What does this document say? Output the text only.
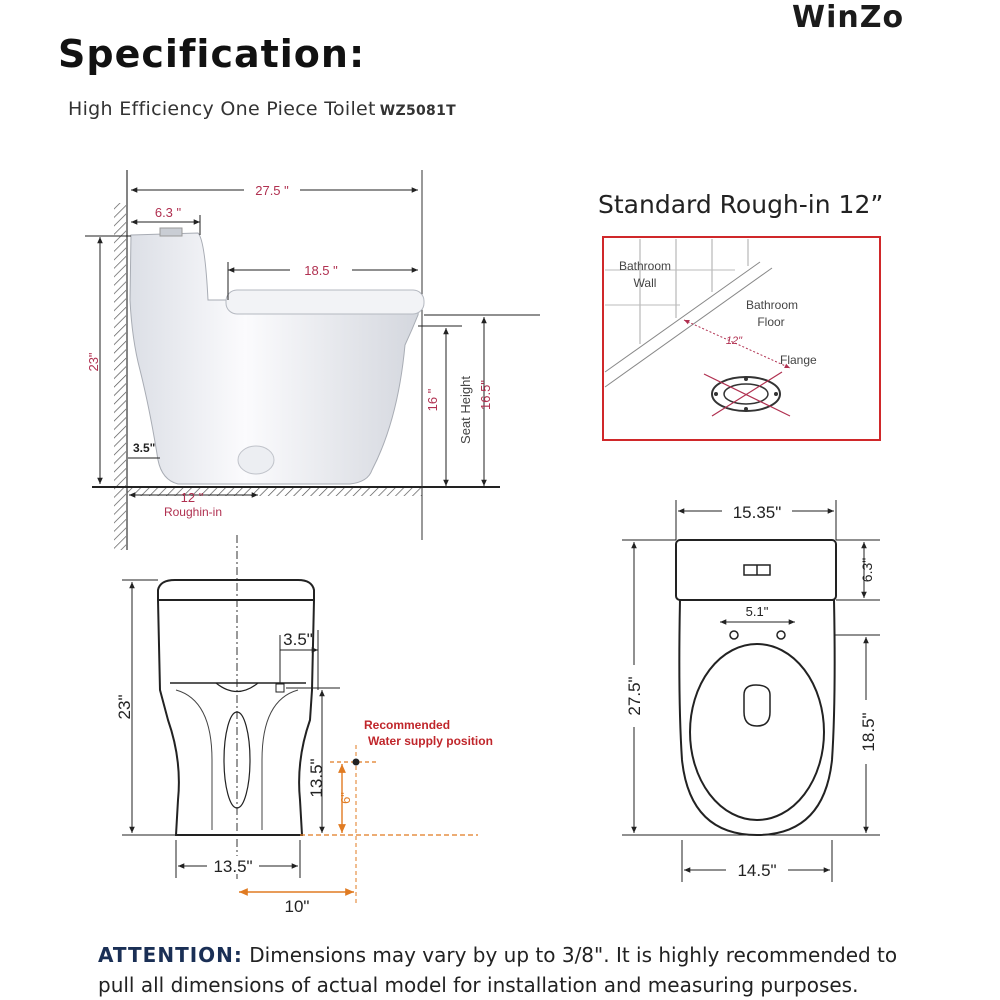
WinZo
Specification:
High Efficiency One Piece Toilet WZ5081T
Standard Rough-in 12”
27.5 "
6.3 "
18.5 "
23"
16 " Seat Height 16.5"
3.5"
12 "
Roughin-in
Bathroom
Wall
Bathroom
Floor
12"
Flange
23"
3.5"
13.5"
6"
Recommended
Water supply position
13.5"
10"
5.1"
15.35"
6.3"
27.5"
18.5"
14.5"
ATTENTION: Dimensions may vary by up to 3/8". It is highly recommended to pull all dimensions of actual model for installation and measuring purposes.
